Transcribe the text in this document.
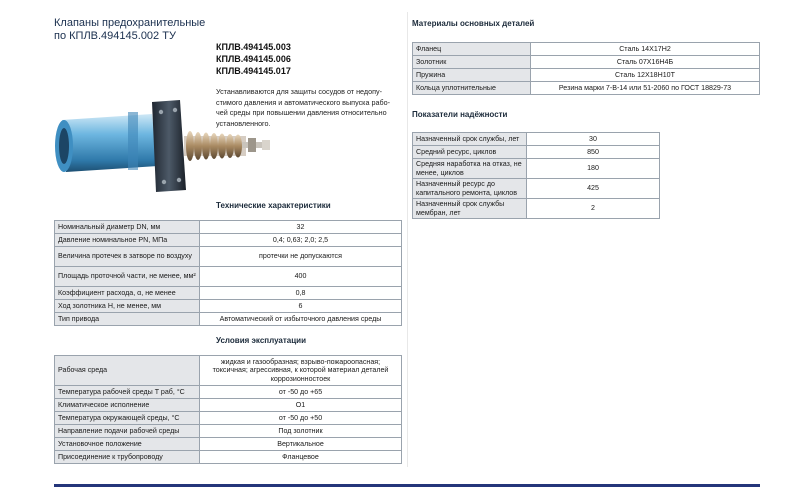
Клапаны предохранительные
по КПЛВ.494145.002 ТУ
КПЛВ.494145.003
КПЛВ.494145.006
КПЛВ.494145.017
Устанавливаются для защиты сосудов от недопу-
стимого давления и автоматического выпуска рабо-
чей среды при повышении давления относительно
установленного.
Технические характеристики
Номинальный диаметр DN, мм	32
Давление номинальное PN, МПа	0,4; 0,63; 2,0; 2,5
Величина протечек в затворе по воздуху	протечки не допускаются
Площадь проточной части, не менее, мм²	400
Коэффициент расхода, α, не менее	0,8
Ход золотника H, не менее, мм	6
Тип привода	Автоматический от избыточного давления среды
Условия эксплуатации
Рабочая среда	жидкая и газообразная; взрыво-пожароопасная; токсичная; агрессивная, к которой материал деталей коррозионностоек
Температура рабочей среды T раб, °С	от -50 до +65
Климатическое исполнение	О1
Температура окружающей среды, °С	от -50 до +50
Направление подачи рабочей среды	Под золотник
Установочное положение	Вертикальное
Присоединение к трубопроводу	Фланцевое
Материалы основных деталей
Фланец	Сталь 14Х17Н2
Золотник	Сталь 07Х16Н4Б
Пружина	Сталь 12Х18Н10Т
Кольца уплотнительные	Резина марки 7-В-14 или 51-2060 по ГОСТ 18829-73
Показатели надёжности
Назначенный срок службы, лет	30
Средний ресурс, циклов	850
Средняя наработка на отказ, не менее, циклов	180
Назначенный ресурс до капитального ремонта, циклов	425
Назначенный срок службы мембран, лет	2
